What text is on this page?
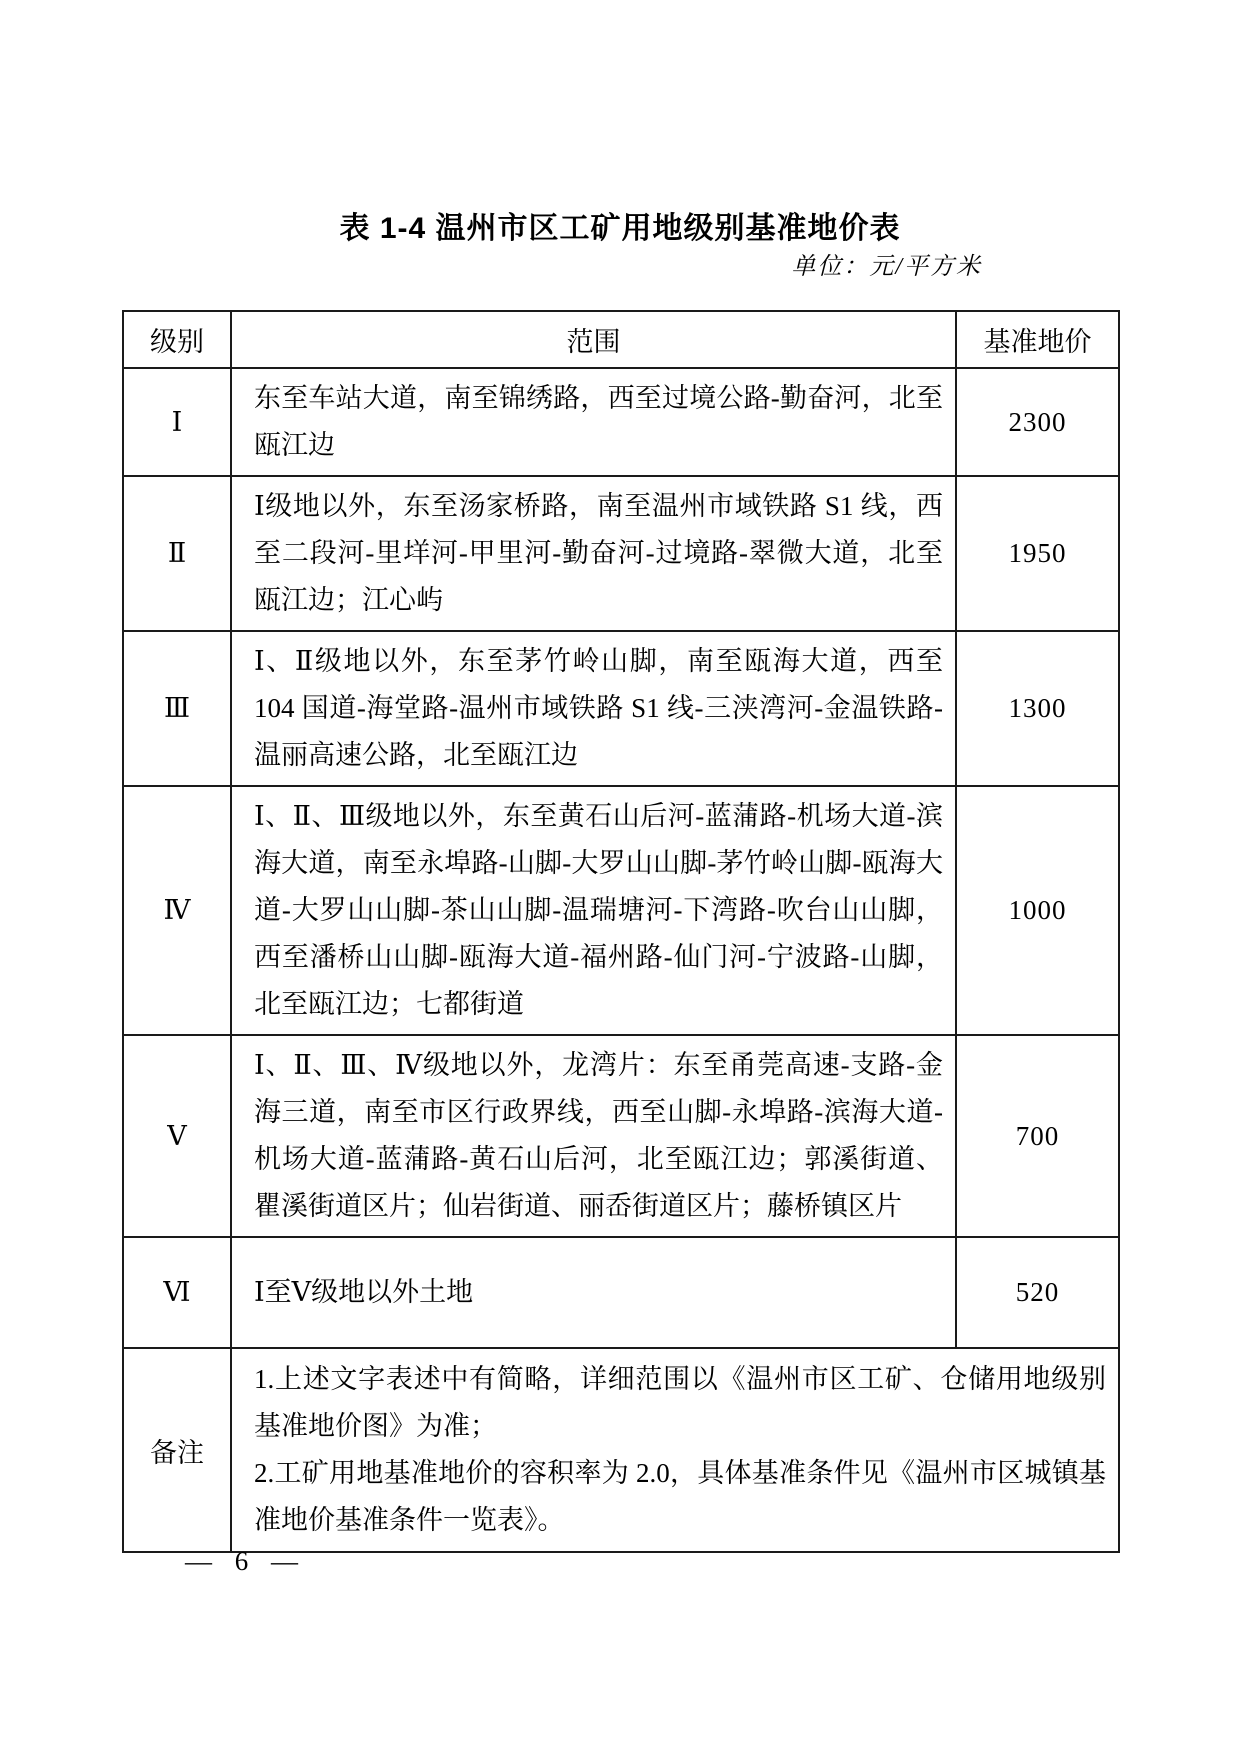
表 1-4 温州市区工矿用地级别基准地价表
单位：元/平方米
级别	范围	基准地价
Ⅰ	东至车站大道，南至锦绣路，西至过境公路-勤奋河，北至瓯江边	2300
Ⅱ	Ⅰ级地以外，东至汤家桥路，南至温州市域铁路 S1 线，西至二段河-里垟河-甲里河-勤奋河-过境路-翠微大道，北至瓯江边；江心屿	1950
Ⅲ	Ⅰ、Ⅱ级地以外，东至茅竹岭山脚，南至瓯海大道，西至 104 国道-海堂路-温州市域铁路 S1 线-三浃湾河-金温铁路-温丽高速公路，北至瓯江边	1300
Ⅳ	Ⅰ、Ⅱ、Ⅲ级地以外，东至黄石山后河-蓝蒲路-机场大道-滨海大道，南至永埠路-山脚-大罗山山脚-茅竹岭山脚-瓯海大道-大罗山山脚-茶山山脚-温瑞塘河-下湾路-吹台山山脚，西至潘桥山山脚-瓯海大道-福州路-仙门河-宁波路-山脚，北至瓯江边；七都街道	1000
Ⅴ	Ⅰ、Ⅱ、Ⅲ、Ⅳ级地以外，龙湾片：东至甬莞高速-支路-金海三道，南至市区行政界线，西至山脚-永埠路-滨海大道-机场大道-蓝蒲路-黄石山后河，北至瓯江边；郭溪街道、瞿溪街道区片；仙岩街道、丽岙街道区片；藤桥镇区片	700
Ⅵ	Ⅰ至Ⅴ级地以外土地	520
备注	1.上述文字表述中有简略，详细范围以《温州市区工矿、仓储用地级别基准地价图》为准；
2.工矿用地基准地价的容积率为 2.0，具体基准条件见《温州市区城镇基准地价基准条件一览表》。	
— 6 —
